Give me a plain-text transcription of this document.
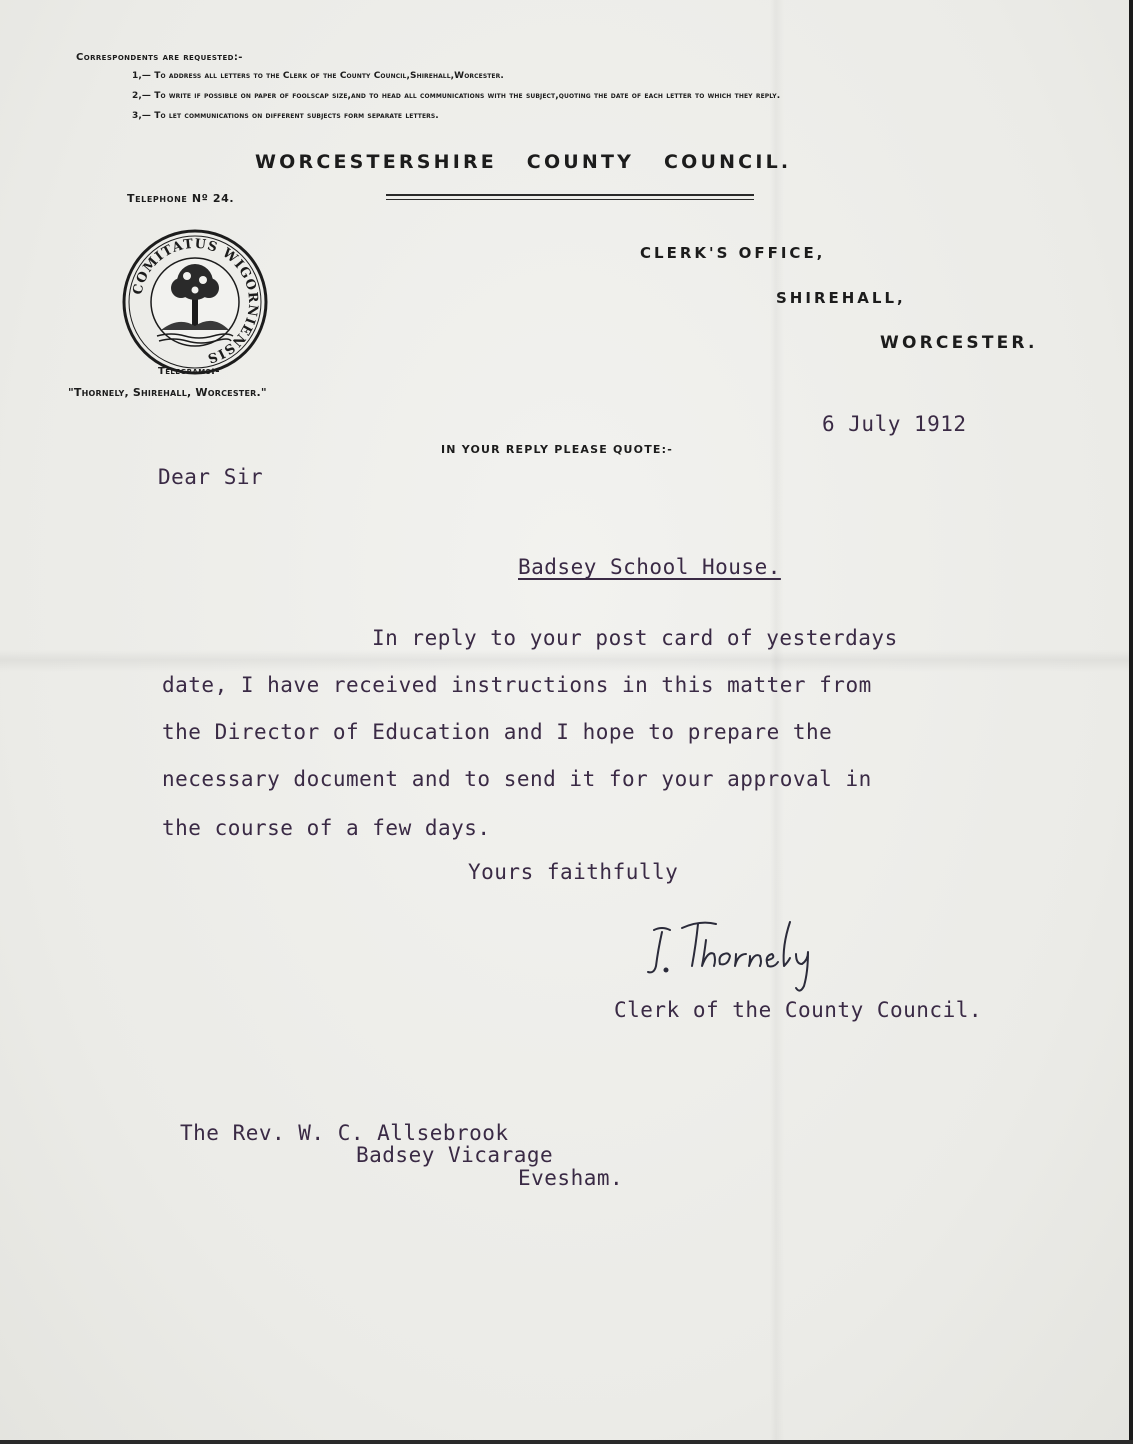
Correspondents are requested:-
1,— To address all letters to the Clerk of the County Council,Shirehall,Worcester.
2,— To write if possible on paper of foolscap size,and to head all communications with the subject,quoting the date of each letter to which they reply.
3,— To let communications on different subjects form separate letters.
WORCESTERSHIRE COUNTY COUNCIL.
Telephone Nº 24.
COMITATUS WIGORNIENSIS
Telegrams:-
"Thornely, Shirehall, Worcester."
CLERK'S OFFICE,
SHIREHALL,
WORCESTER.
IN YOUR REPLY PLEASE QUOTE:-
6 July 1912
Dear Sir
Badsey School House.
In reply to your post card of yesterdays
date, I have received instructions in this matter from
the Director of Education and I hope to prepare the
necessary document and to send it for your approval in
the course of a few days.
Yours faithfully
Clerk of the County Council.
The Rev. W. C. Allsebrook
Badsey Vicarage
Evesham.
